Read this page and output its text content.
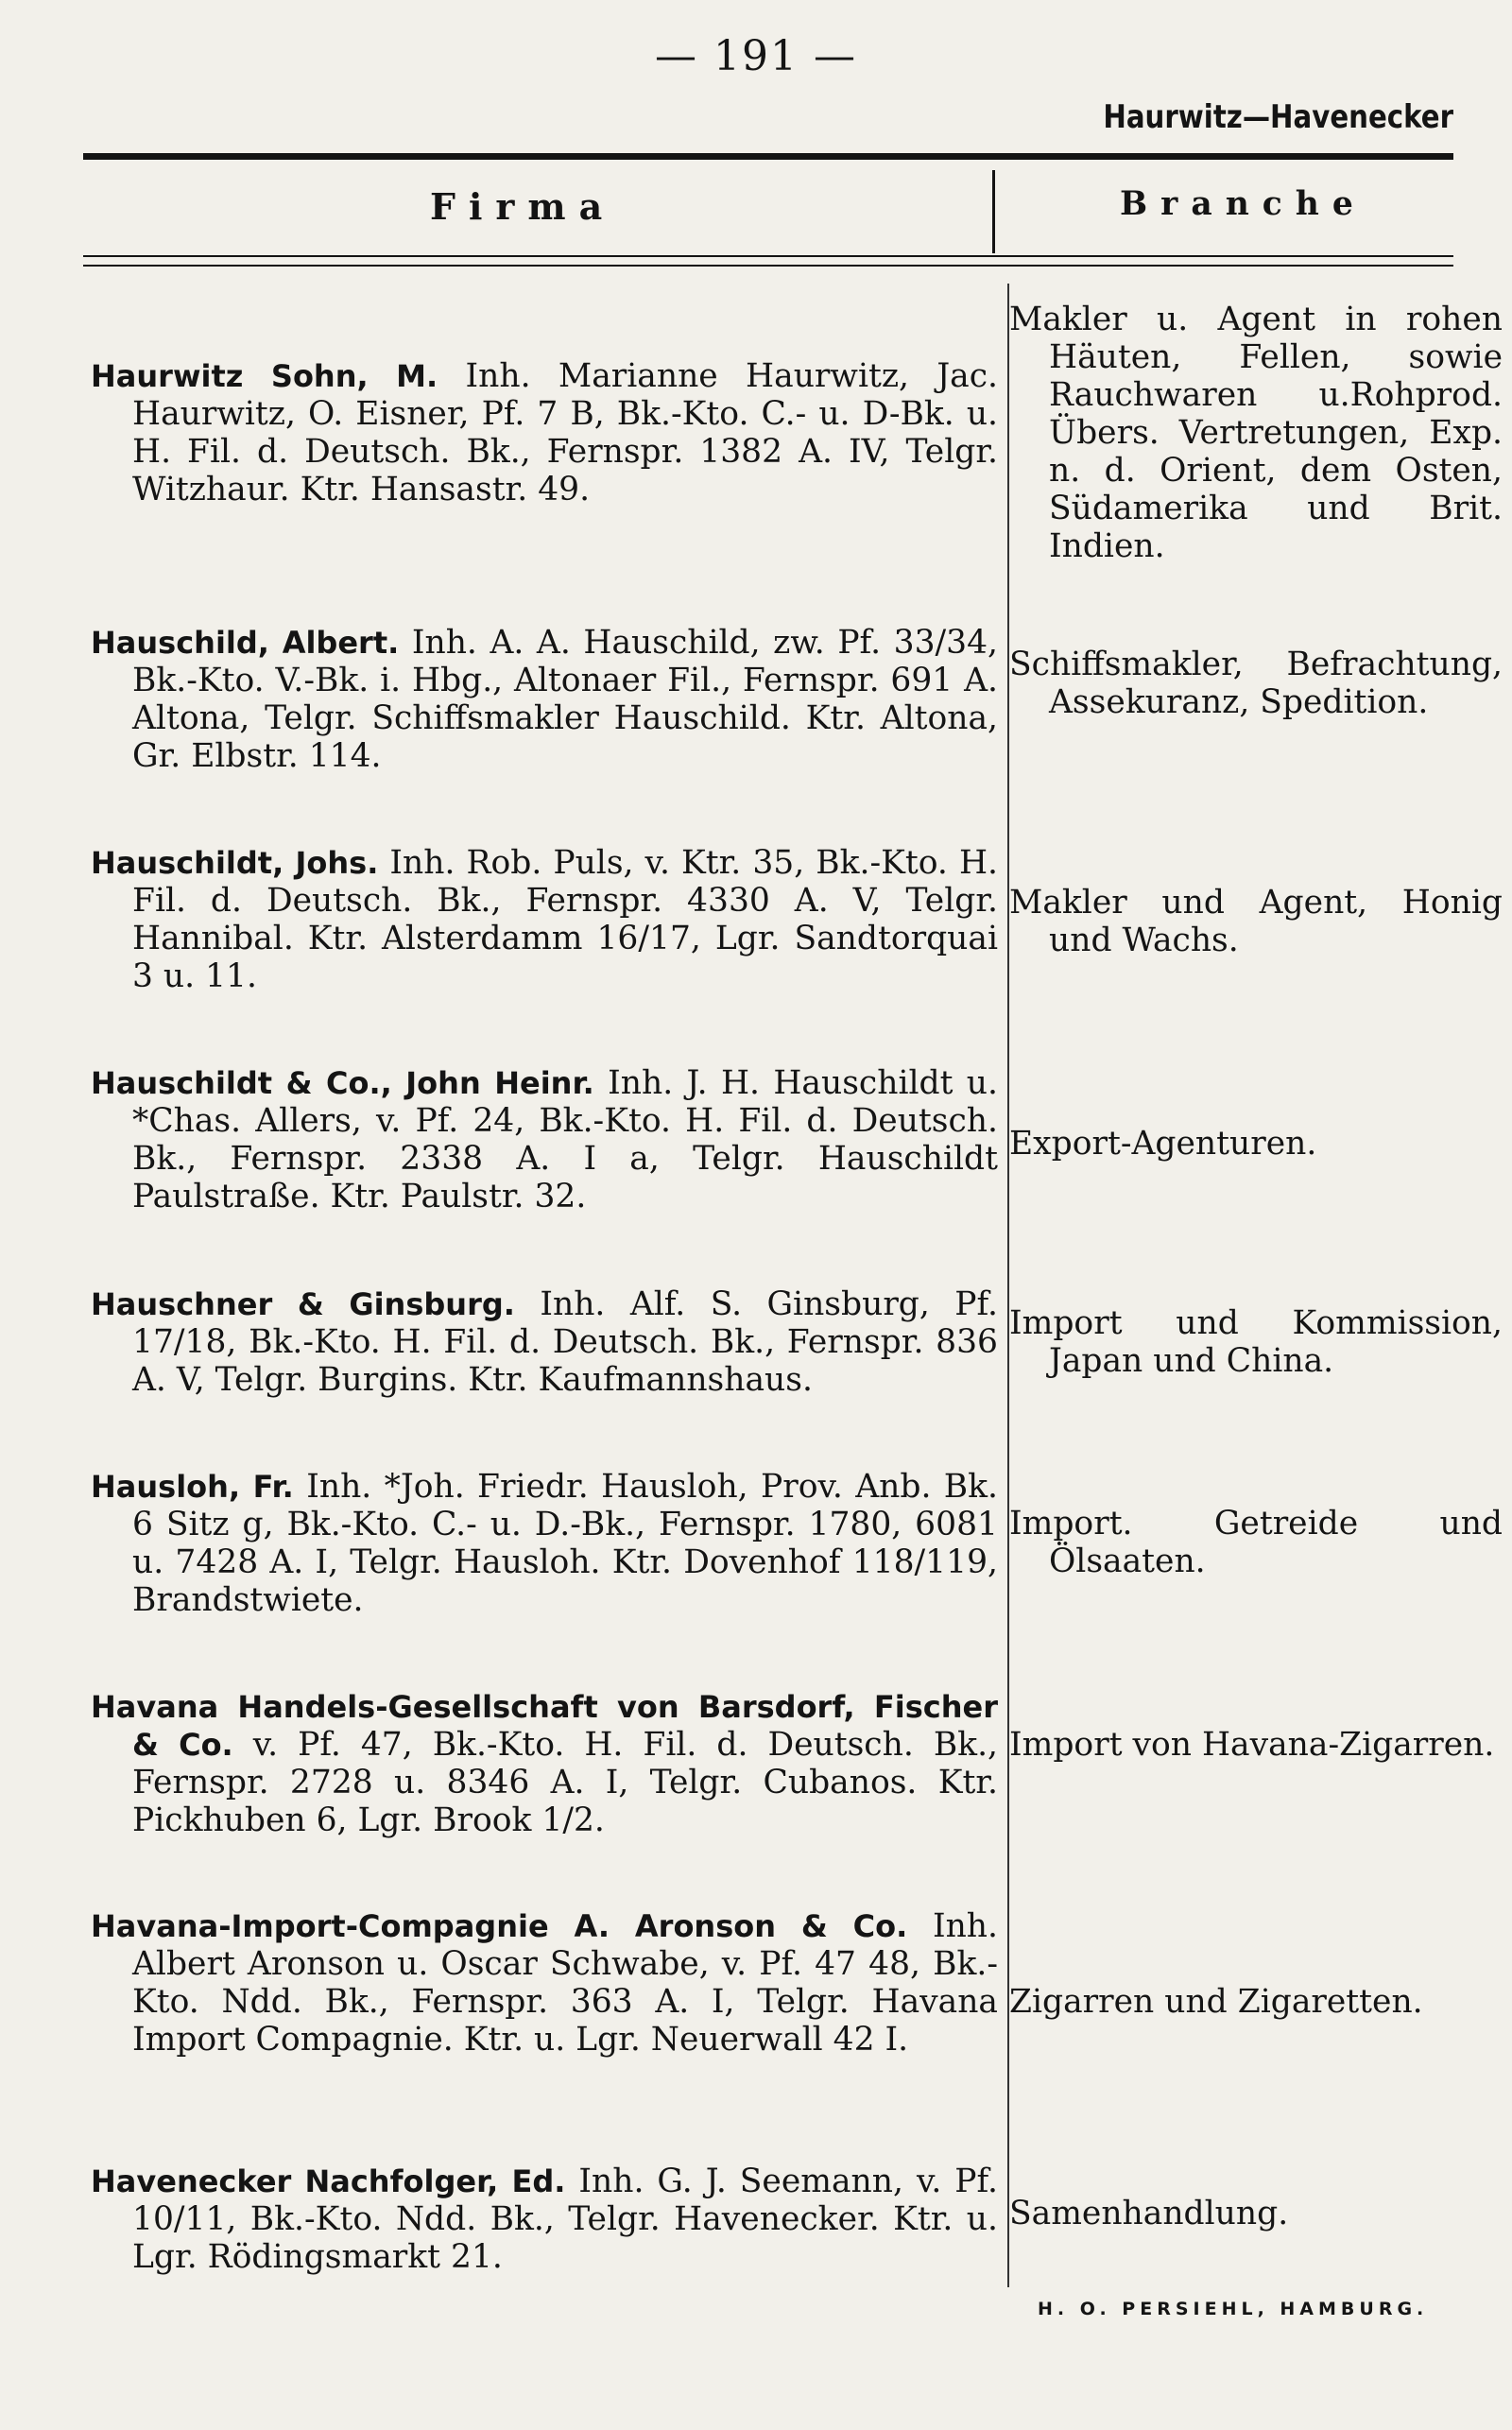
— 191 —
Haurwitz—Havenecker
Firma	Branche
Haurwitz Sohn, M. Inh. Marianne Haurwitz, Jac. Haurwitz, O. Eisner, Pf. 7 B, Bk.-Kto. C.- u. D-Bk. u. H. Fil. d. Deutsch. Bk., Fernspr. 1382 A. IV, Telgr. Witzhaur. Ktr. Hansastr. 49.
Makler u. Agent in rohen Häuten, Fellen, sowie Rauchwaren u.Rohprod. Übers. Vertretungen, Exp. n. d. Orient, dem Osten, Südamerika und Brit. Indien.
Hauschild, Albert. Inh. A. A. Hauschild, zw. Pf. 33/34, Bk.-Kto. V.-Bk. i. Hbg., Altonaer Fil., Fernspr. 691 A. Altona, Telgr. Schiffsmakler Hauschild. Ktr. Altona, Gr. Elbstr. 114.
Schiffsmakler, Befrachtung, Assekuranz, Spedition.
Hauschildt, Johs. Inh. Rob. Puls, v. Ktr. 35, Bk.-Kto. H. Fil. d. Deutsch. Bk., Fernspr. 4330 A. V, Telgr. Hannibal. Ktr. Alsterdamm 16/17, Lgr. Sandtorquai 3 u. 11.
Makler und Agent, Honig und Wachs.
Hauschildt & Co., John Heinr. Inh. J. H. Hauschildt u. *Chas. Allers, v. Pf. 24, Bk.-Kto. H. Fil. d. Deutsch. Bk., Fernspr. 2338 A. I a, Telgr. Hauschildt Paulstraße. Ktr. Paulstr. 32.
Export-Agenturen.
Hauschner & Ginsburg. Inh. Alf. S. Ginsburg, Pf. 17/18, Bk.-Kto. H. Fil. d. Deutsch. Bk., Fernspr. 836 A. V, Telgr. Burgins. Ktr. Kaufmannshaus.
Import und Kommission, Japan und China.
Hausloh, Fr. Inh. *Joh. Friedr. Hausloh, Prov. Anb. Bk. 6 Sitz g, Bk.-Kto. C.- u. D.-Bk., Fernspr. 1780, 6081 u. 7428 A. I, Telgr. Hausloh. Ktr. Dovenhof 118/119, Brandstwiete.
Import. Getreide und Ölsaaten.
Havana Handels-Gesellschaft von Barsdorf, Fischer & Co. v. Pf. 47, Bk.-Kto. H. Fil. d. Deutsch. Bk., Fernspr. 2728 u. 8346 A. I, Telgr. Cubanos. Ktr. Pickhuben 6, Lgr. Brook 1/2.
Import von Havana-Zigarren.
Havana-Import-Compagnie A. Aronson & Co. Inh. Albert Aronson u. Oscar Schwabe, v. Pf. 47 48, Bk.-Kto. Ndd. Bk., Fernspr. 363 A. I, Telgr. Havana Import Compagnie. Ktr. u. Lgr. Neuerwall 42 I.
Zigarren und Zigaretten.
Havenecker Nachfolger, Ed. Inh. G. J. Seemann, v. Pf. 10/11, Bk.-Kto. Ndd. Bk., Telgr. Havenecker. Ktr. u. Lgr. Rödingsmarkt 21.
Samenhandlung.
H. O. PERSIEHL, HAMBURG.
